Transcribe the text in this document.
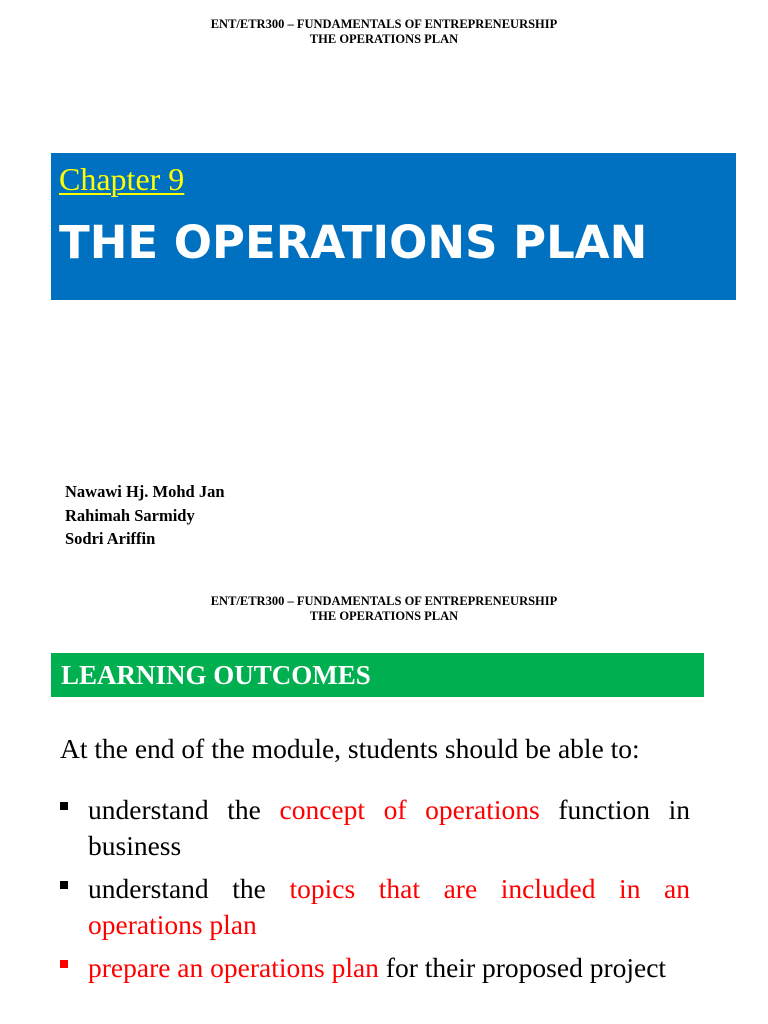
ENT/ETR300 – FUNDAMENTALS OF ENTREPRENEURSHIP
THE OPERATIONS PLAN
Chapter 9
THE OPERATIONS PLAN
Nawawi Hj. Mohd Jan
Rahimah Sarmidy
Sodri Ariffin
ENT/ETR300 – FUNDAMENTALS OF ENTREPRENEURSHIP
THE OPERATIONS PLAN
LEARNING OUTCOMES
At the end of the module, students should be able to:
understand the concept of operations function in business
understand the topics that are included in an operations plan
prepare an operations plan for their proposed project
